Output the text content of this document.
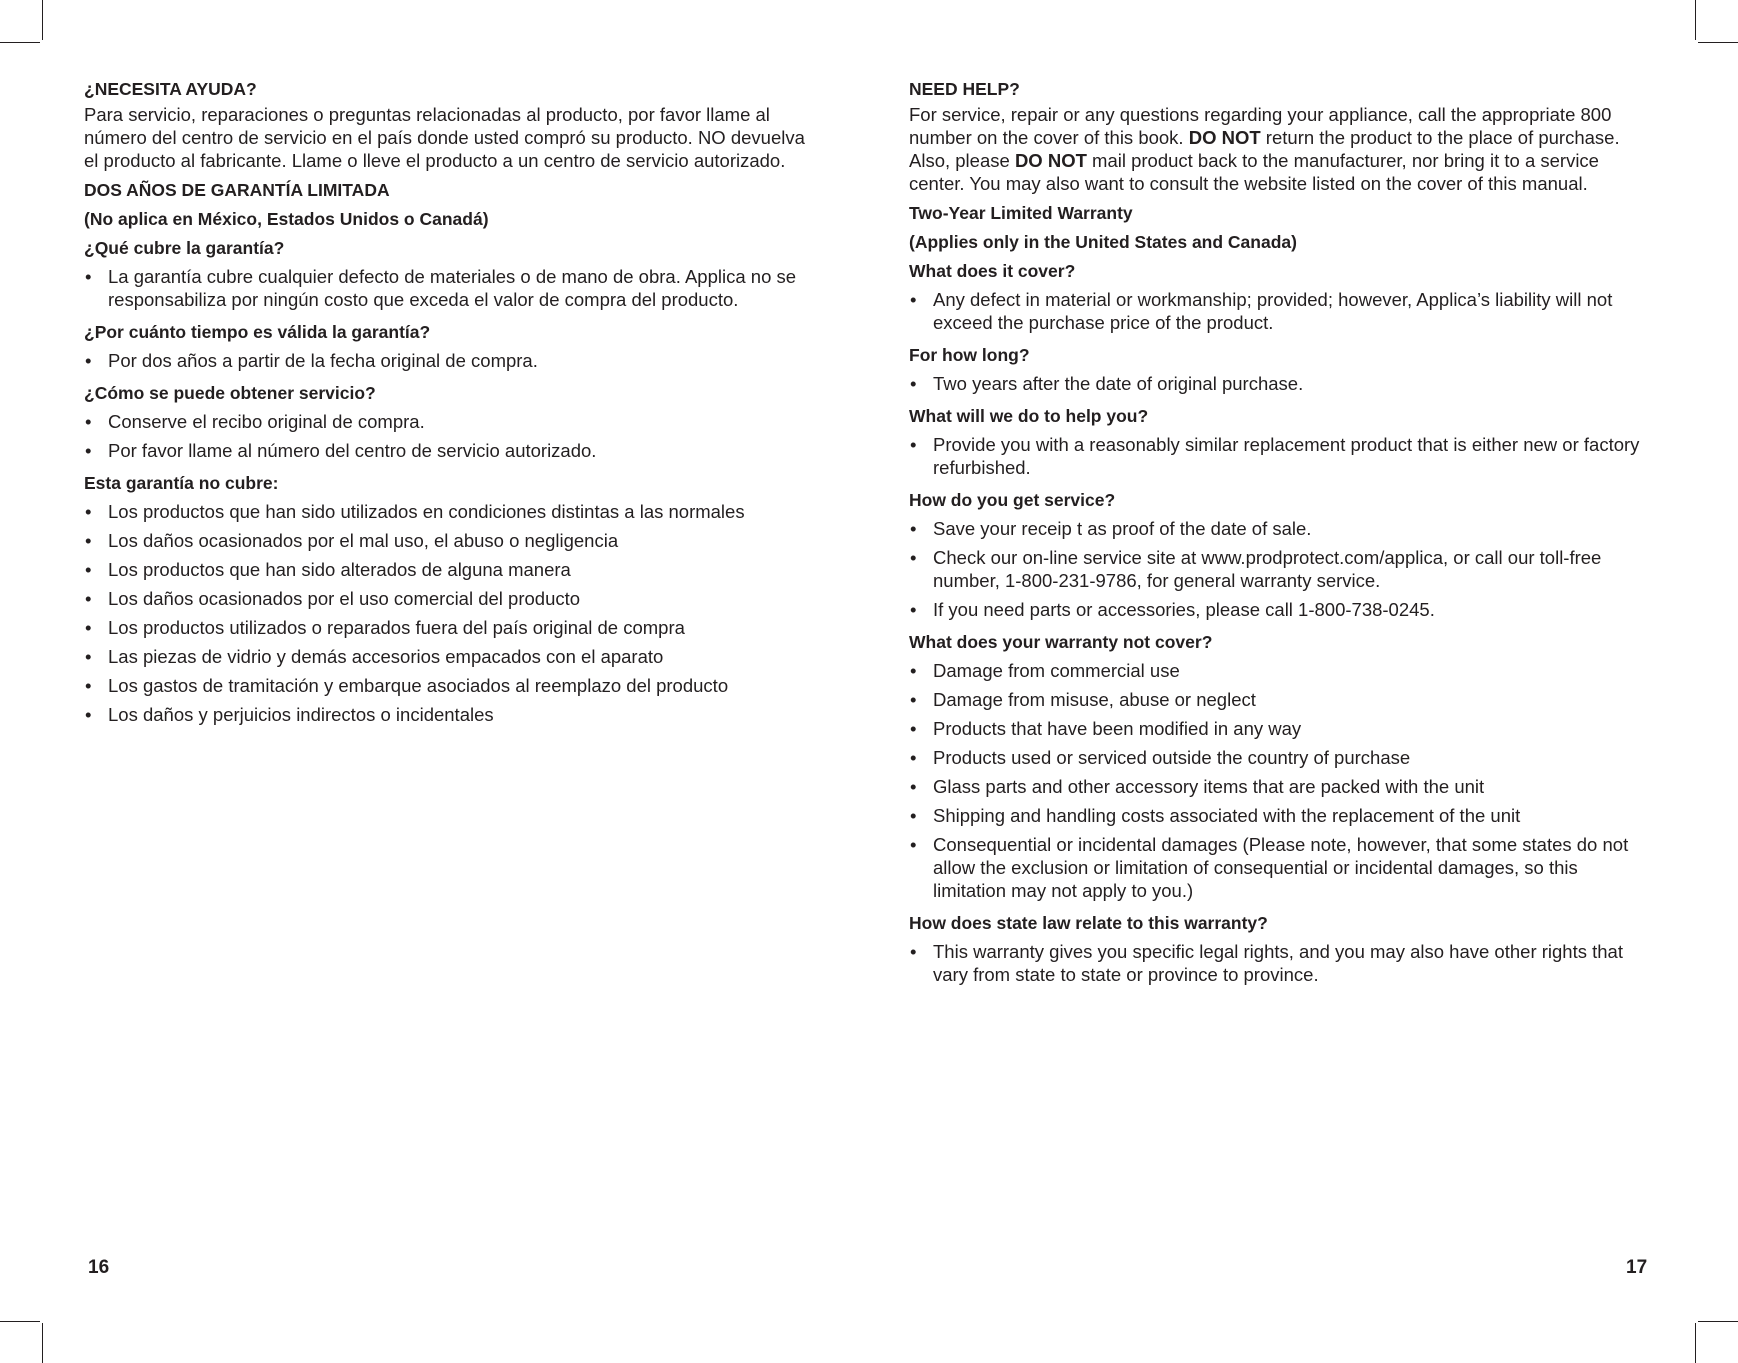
¿NECESITA AYUDA?

Para servicio, reparaciones o preguntas relacionadas al producto, por favor llame al número del centro de servicio en el país donde usted compró su producto. NO devuelva el producto al fabricante. Llame o lleve el producto a un centro de servicio autorizado.

DOS AÑOS DE GARANTÍA LIMITADA
(No aplica en México, Estados Unidos o Canadá)
¿Qué cubre la garantía?
• La garantía cubre cualquier defecto de materiales o de mano de obra. Applica no se responsabiliza por ningún costo que exceda el valor de compra del producto.
¿Por cuánto tiempo es válida la garantía?
• Por dos años a partir de la fecha original de compra.
¿Cómo se puede obtener servicio?
• Conserve el recibo original de compra.
• Por favor llame al número del centro de servicio autorizado.
Esta garantía no cubre:
• Los productos que han sido utilizados en condiciones distintas a las normales
• Los daños ocasionados por el mal uso, el abuso o negligencia
• Los productos que han sido alterados de alguna manera
• Los daños ocasionados por el uso comercial del producto
• Los productos utilizados o reparados fuera del país original de compra
• Las piezas de vidrio y demás accesorios empacados con el aparato
• Los gastos de tramitación y embarque asociados al reemplazo del producto
• Los daños y perjuicios indirectos o incidentales
NEED HELP?

For service, repair or any questions regarding your appliance, call the appropriate 800 number on the cover of this book. DO NOT return the product to the place of purchase. Also, please DO NOT mail product back to the manufacturer, nor bring it to a service center. You may also want to consult the website listed on the cover of this manual.

Two-Year Limited Warranty
(Applies only in the United States and Canada)
What does it cover?
• Any defect in material or workmanship; provided; however, Applica’s liability will not exceed the purchase price of the product.
For how long?
• Two years after the date of original purchase.
What will we do to help you?
• Provide you with a reasonably similar replacement product that is either new or factory refurbished.
How do you get service?
• Save your receip t as proof of the date of sale.
• Check our on-line service site at www.prodprotect.com/applica, or call our toll-free number, 1-800-231-9786, for general warranty service.
• If you need parts or accessories, please call 1-800-738-0245.
What does your warranty not cover?
• Damage from commercial use
• Damage from misuse, abuse or neglect
• Products that have been modified in any way
• Products used or serviced outside the country of purchase
• Glass parts and other accessory items that are packed with the unit
• Shipping and handling costs associated with the replacement of the unit
• Consequential or incidental damages (Please note, however, that some states do not allow the exclusion or limitation of consequential or incidental damages, so this limitation may not apply to you.)
How does state law relate to this warranty?
• This warranty gives you specific legal rights, and you may also have other rights that vary from state to state or province to province.
16	17
